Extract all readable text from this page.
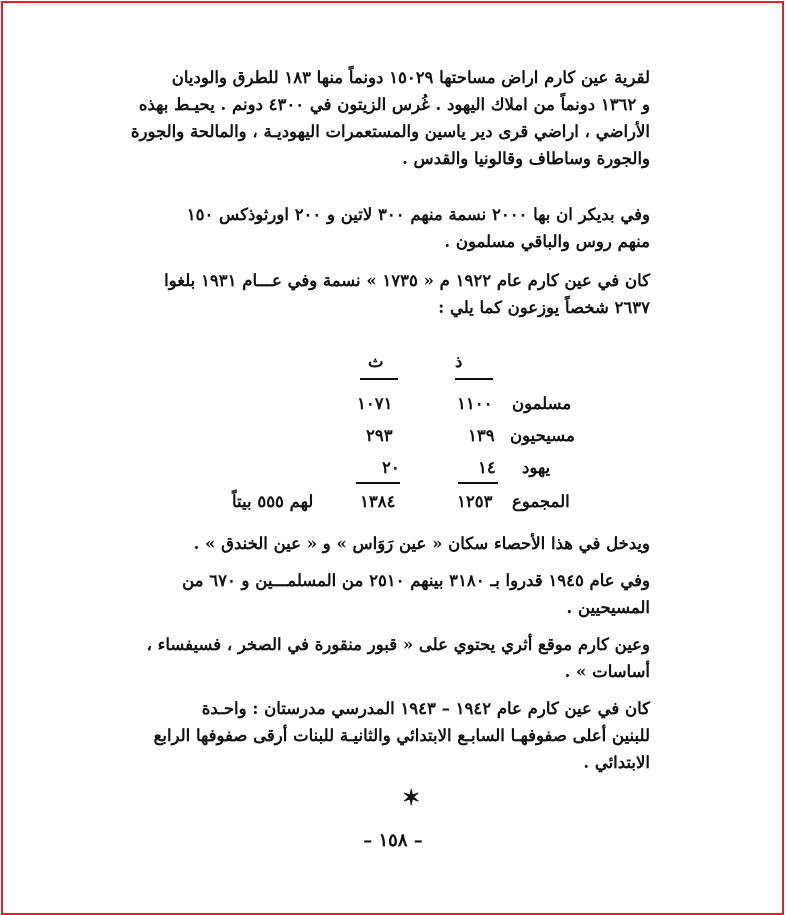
لقرية عين كارم اراض مساحتها ١٥٠٢٩ دونماً منها ١٨٣ للطرق والوديان
و ١٣٦٢ دونماً من املاك اليهود . غُرس الزيتون في ٤٣٠٠ دونم . يحيـط بهذه
الأراضي ، اراضي قرى دير ياسين والمستعمرات اليهوديـة ، والمالحة والجورة
والجورة وساطاف وقالونيا والقدس .
وفي بديكر ان بها ٢٠٠٠ نسمة منهم ٣٠٠ لاتين و ٢٠٠ اورثوذكس ١٥٠
منهم روس والباقي مسلمون .
كان في عين كارم عام ١٩٢٢ م « ١٧٣٥ » نسمة وفي عـــام ١٩٣١ بلغوا
٢٦٣٧ شخصاً يوزعون كما يلي :
ذ
ث
مسلمون
١١٠٠
١٠٧١
مسيحيون
١٣٩
٢٩٣
يهود
١٤
٢٠
المجموع
١٢٥٣
١٣٨٤
لهم ٥٥٥ بيتاً
ويدخل في هذا الأحصاء سكان « عين رَوَاس » و « عين الخندق » .
وفي عام ١٩٤٥ قدروا بـ ٣١٨٠ بينهم ٢٥١٠ من المسلمـــين و ٦٧٠ من
المسيحيين .
وعين كارم موقع أثري يحتوي على « قبور منقورة في الصخر ، فسيفساء ،
أساسات » .
كان في عين كارم عام ١٩٤٢ – ١٩٤٣ المدرسي مدرستان : واحـدة
للبنين أعلى صفوفهـا السابـع الابتدائي والثانيـة للبنات أرقى صفوفها الرابع
الابتدائي .
✶
– ١٥٨ –
